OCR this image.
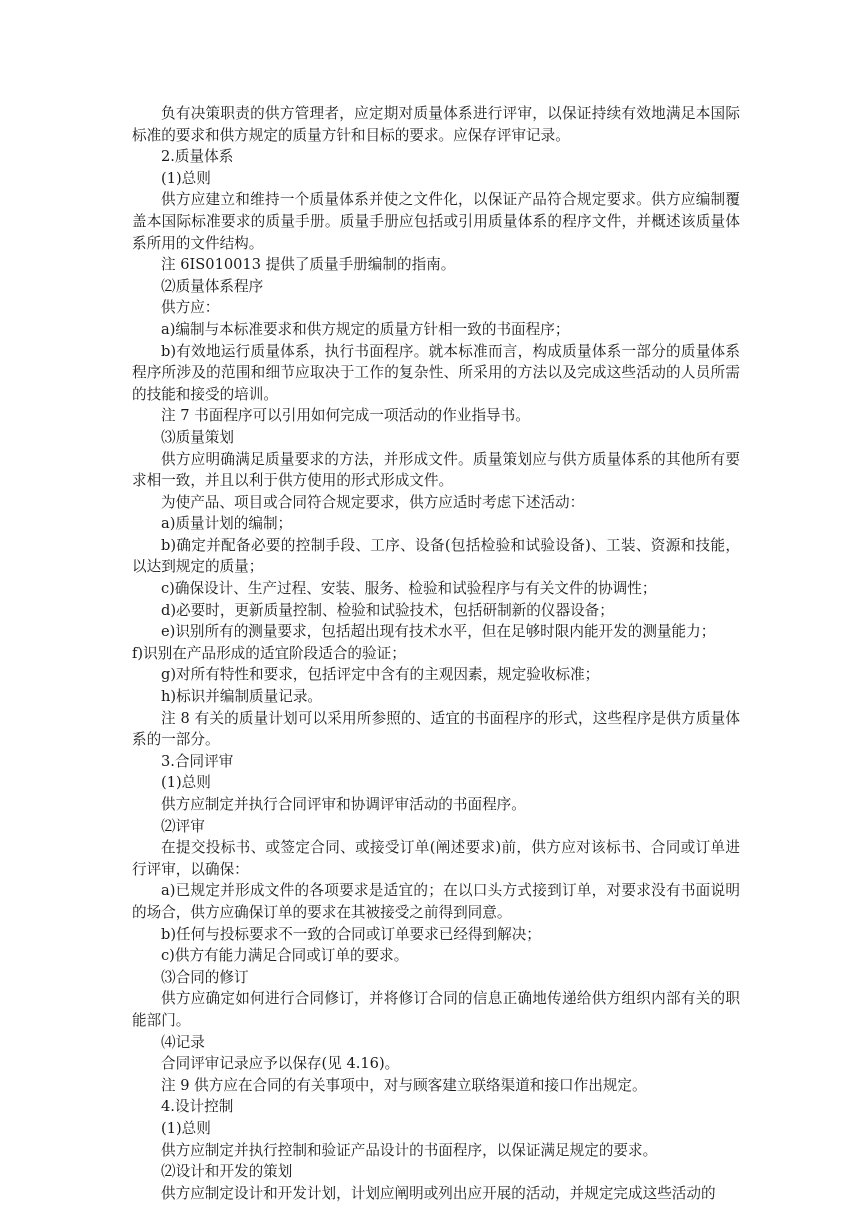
负有决策职责的供方管理者，应定期对质量体系进行评审，以保证持续有效地满足本国际标准的要求和供方规定的质量方针和目标的要求。应保存评审记录。

2.质量体系

(1)总则

供方应建立和维持一个质量体系并使之文件化，以保证产品符合规定要求。供方应编制覆盖本国际标准要求的质量手册。质量手册应包括或引用质量体系的程序文件，并概述该质量体系所用的文件结构。

注 6IS010013 提供了质量手册编制的指南。

⑵质量体系程序

供方应：

a)编制与本标准要求和供方规定的质量方针相一致的书面程序；

b)有效地运行质量体系，执行书面程序。就本标准而言，构成质量体系一部分的质量体系程序所涉及的范围和细节应取决于工作的复杂性、所采用的方法以及完成这些活动的人员所需的技能和接受的培训。

注 7 书面程序可以引用如何完成一项活动的作业指导书。

⑶质量策划

供方应明确满足质量要求的方法，并形成文件。质量策划应与供方质量体系的其他所有要求相一致，并且以利于供方使用的形式形成文件。

为使产品、项目或合同符合规定要求，供方应适时考虑下述活动：

a)质量计划的编制；

b)确定并配备必要的控制手段、工序、设备(包括检验和试验设备)、工装、资源和技能，以达到规定的质量；

c)确保设计、生产过程、安装、服务、检验和试验程序与有关文件的协调性；

d)必要时，更新质量控制、检验和试验技术，包括研制新的仪器设备；

e)识别所有的测量要求，包括超出现有技术水平，但在足够时限内能开发的测量能力；

f)识别在产品形成的适宜阶段适合的验证；

g)对所有特性和要求，包括评定中含有的主观因素，规定验收标准；

h)标识并编制质量记录。

注 8 有关的质量计划可以采用所参照的、适宜的书面程序的形式，这些程序是供方质量体系的一部分。

3.合同评审

(1)总则

供方应制定并执行合同评审和协调评审活动的书面程序。

⑵评审

在提交投标书、或签定合同、或接受订单(阐述要求)前，供方应对该标书、合同或订单进行评审，以确保：

a)已规定并形成文件的各项要求是适宜的；在以口头方式接到订单，对要求没有书面说明的场合，供方应确保订单的要求在其被接受之前得到同意。

b)任何与投标要求不一致的合同或订单要求已经得到解决；

c)供方有能力满足合同或订单的要求。

⑶合同的修订

供方应确定如何进行合同修订，并将修订合同的信息正确地传递给供方组织内部有关的职能部门。

⑷记录

合同评审记录应予以保存(见 4.16)。

注 9 供方应在合同的有关事项中，对与顾客建立联络渠道和接口作出规定。

4.设计控制

(1)总则

供方应制定并执行控制和验证产品设计的书面程序，以保证满足规定的要求。

⑵设计和开发的策划

供方应制定设计和开发计划，计划应阐明或列出应开展的活动，并规定完成这些活动的
